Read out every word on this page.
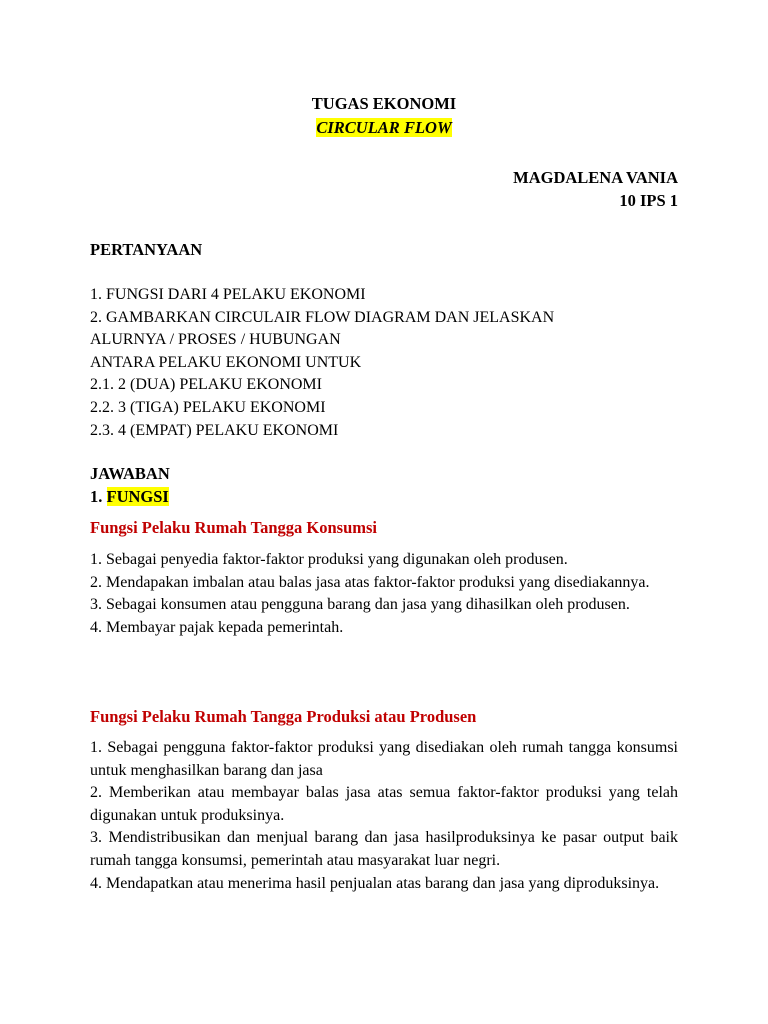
TUGAS EKONOMI
CIRCULAR FLOW
MAGDALENA VANIA
10 IPS 1
PERTANYAAN
1. FUNGSI DARI 4 PELAKU EKONOMI
2. GAMBARKAN CIRCULAIR FLOW DIAGRAM DAN JELASKAN
ALURNYA / PROSES / HUBUNGAN
ANTARA PELAKU EKONOMI UNTUK
2.1. 2 (DUA) PELAKU EKONOMI
2.2. 3 (TIGA) PELAKU EKONOMI
2.3. 4 (EMPAT) PELAKU EKONOMI
JAWABAN
1. FUNGSI
Fungsi Pelaku Rumah Tangga Konsumsi

1. Sebagai penyedia faktor-faktor produksi yang digunakan oleh produsen.

2. Mendapakan imbalan atau balas jasa atas faktor-faktor produksi yang disediakannya.

3. Sebagai konsumen atau pengguna barang dan jasa yang dihasilkan oleh produsen.

4. Membayar pajak kepada pemerintah.

Fungsi Pelaku Rumah Tangga Produksi atau Produsen

1. Sebagai pengguna faktor-faktor produksi yang disediakan oleh rumah tangga konsumsi untuk menghasilkan barang dan jasa

2. Memberikan atau membayar balas jasa atas semua faktor-faktor produksi yang telah digunakan untuk produksinya.

3. Mendistribusikan dan menjual barang dan jasa hasilproduksinya ke pasar output baik rumah tangga konsumsi, pemerintah atau masyarakat luar negri.

4. Mendapatkan atau menerima hasil penjualan atas barang dan jasa yang diproduksinya.
